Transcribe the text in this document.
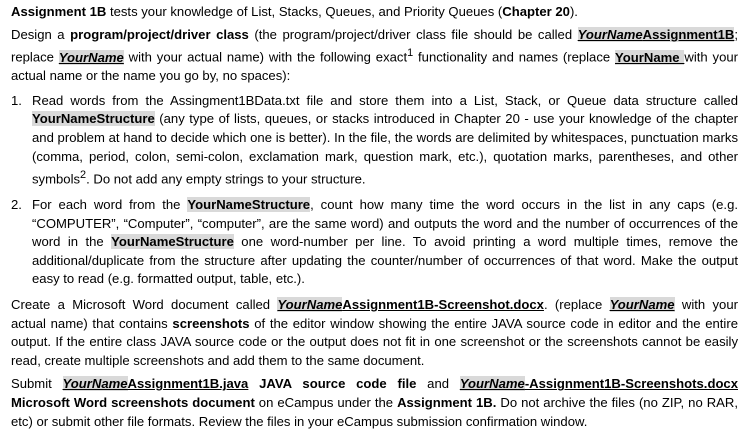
Assignment 1B tests your knowledge of List, Stacks, Queues, and Priority Queues (Chapter 20).

Design a program/project/driver class (the program/project/driver class file should be called YourNameAssignment1B; replace YourName with your actual name) with the following exact$^1$ functionality and names (replace YourName with your actual name or the name you go by, no spaces):

1. Read words from the Assingment1BData.txt file and store them into a List, Stack, or Queue data structure called YourNameStructure (any type of lists, queues, or stacks introduced in Chapter 20 - use your knowledge of the chapter and problem at hand to decide which one is better). In the file, the words are delimited by whitespaces, punctuation marks (comma, period, colon, semi-colon, exclamation mark, question mark, etc.), quotation marks, parentheses, and other symbols$^2$. Do not add any empty strings to your structure.
2. For each word from the YourNameStructure, count how many time the word occurs in the list in any caps (e.g. “COMPUTER”, “Computer”, “computer”, are the same word) and outputs the word and the number of occurrences of the word in the YourNameStructure one word-number per line. To avoid printing a word multiple times, remove the additional/duplicate from the structure after updating the counter/number of occurrences of that word. Make the output easy to read (e.g. formatted output, table, etc.).

Create a Microsoft Word document called YourNameAssignment1B-Screenshot.docx. (replace YourName with your actual name) that contains screenshots of the editor window showing the entire JAVA source code in editor and the entire output. If the entire class JAVA source code or the output does not fit in one screenshot or the screenshots cannot be easily read, create multiple screenshots and add them to the same document.

Submit YourNameAssignment1B.java JAVA source code file and YourName-Assignment1B-Screenshots.docx Microsoft Word screenshots document on eCampus under the Assignment 1B. Do not archive the files (no ZIP, no RAR, etc) or submit other file formats. Review the files in your eCampus submission confirmation window.
